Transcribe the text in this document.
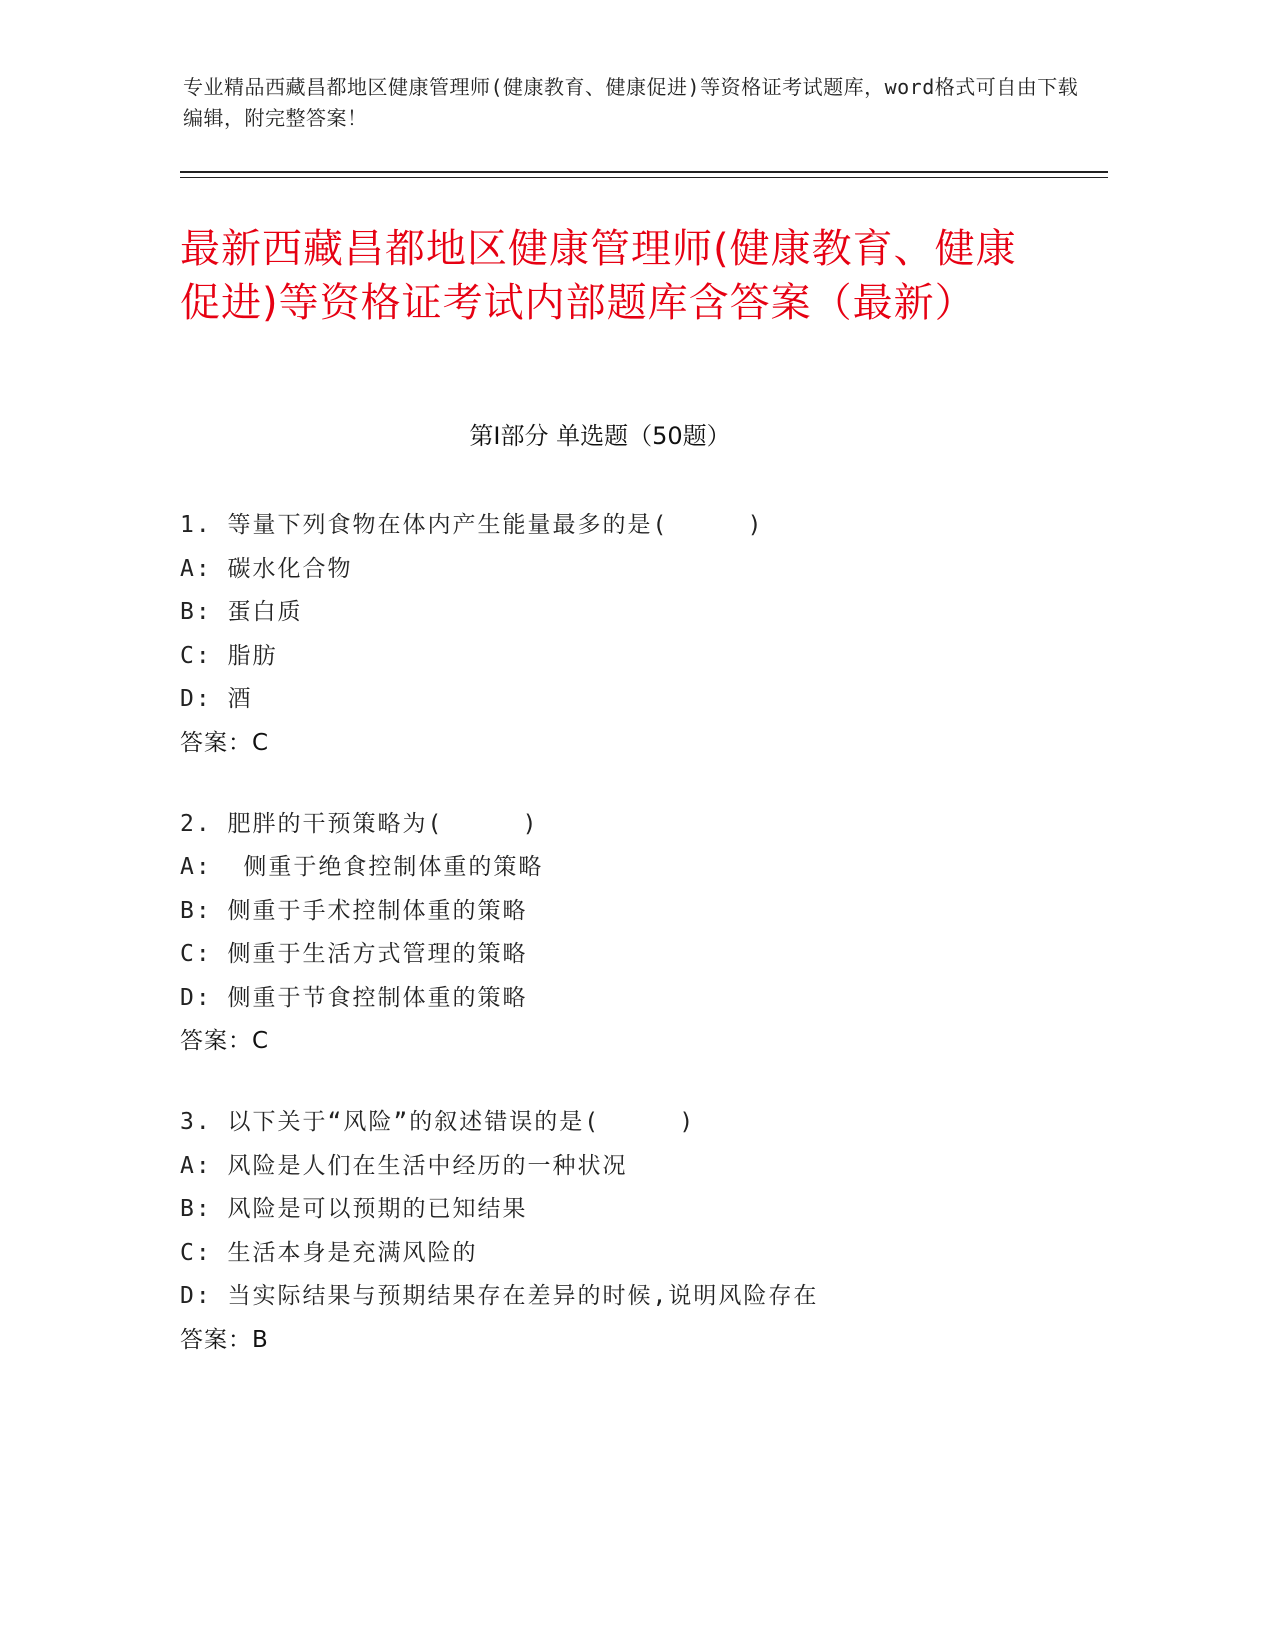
专业精品西藏昌都地区健康管理师(健康教育、健康促进)等资格证考试题库，word格式可自由下载编辑，附完整答案！
最新西藏昌都地区健康管理师(健康教育、健康促进)等资格证考试内部题库含答案（最新）
第Ⅰ部分 单选题（50题）
1. 等量下列食物在体内产生能量最多的是(     )
A: 碳水化合物
B: 蛋白质
C: 脂肪
D: 酒
答案：C
2. 肥胖的干预策略为(     )
A:  侧重于绝食控制体重的策略
B: 侧重于手术控制体重的策略
C: 侧重于生活方式管理的策略
D: 侧重于节食控制体重的策略
答案：C
3. 以下关于“风险”的叙述错误的是(     )
A: 风险是人们在生活中经历的一种状况
B: 风险是可以预期的已知结果
C: 生活本身是充满风险的
D: 当实际结果与预期结果存在差异的时候,说明风险存在
答案：B
